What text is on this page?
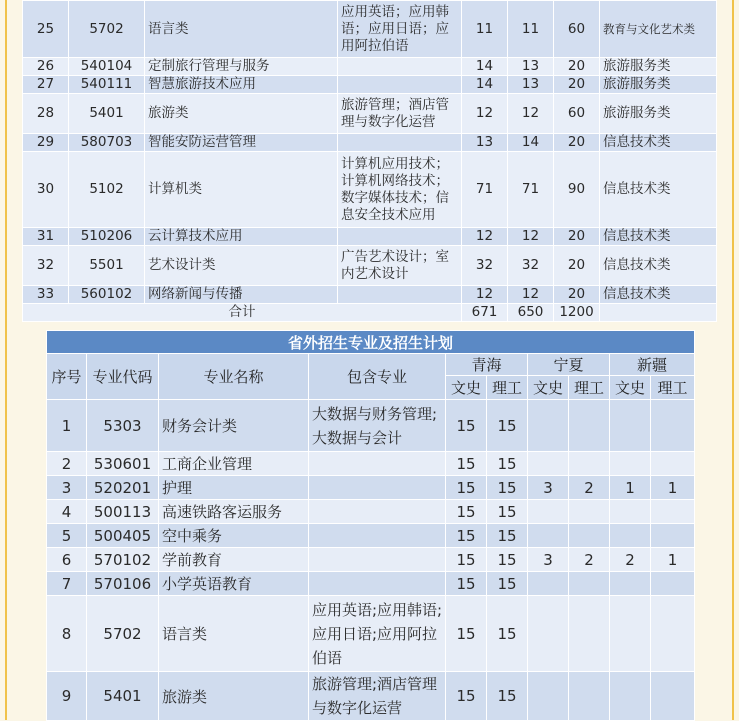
25	5702	语言类	应用英语；应用韩语；应用日语；应用阿拉伯语	11	11	60	教育与文化艺术类
26	540104	定制旅行管理与服务		14	13	20	旅游服务类
27	540111	智慧旅游技术应用		14	13	20	旅游服务类
28	5401	旅游类	旅游管理；酒店管理与数字化运营	12	12	60	旅游服务类
29	580703	智能安防运营管理		13	14	20	信息技术类
30	5102	计算机类	计算机应用技术；计算机网络技术；数字媒体技术；信息安全技术应用	71	71	90	信息技术类
31	510206	云计算技术应用		12	12	20	信息技术类
32	5501	艺术设计类	广告艺术设计；室内艺术设计	32	32	20	信息技术类
33	560102	网络新闻与传播		12	12	20	信息技术类
合计				671	650	1200	
省外招生专业及招生计划									
序号	专业代码	专业名称	包含专业	青海		宁夏		新疆	
				文史	理工	文史	理工	文史	理工
1	5303	财务会计类	大数据与财务管理;大数据与会计	15	15				
2	530601	工商企业管理		15	15				
3	520201	护理		15	15	3	2	1	1
4	500113	高速铁路客运服务		15	15				
5	500405	空中乘务		15	15				
6	570102	学前教育		15	15	3	2	2	1
7	570106	小学英语教育		15	15				
8	5702	语言类	应用英语;应用韩语;应用日语;应用阿拉伯语	15	15				
9	5401	旅游类	旅游管理;酒店管理与数字化运营	15	15				
